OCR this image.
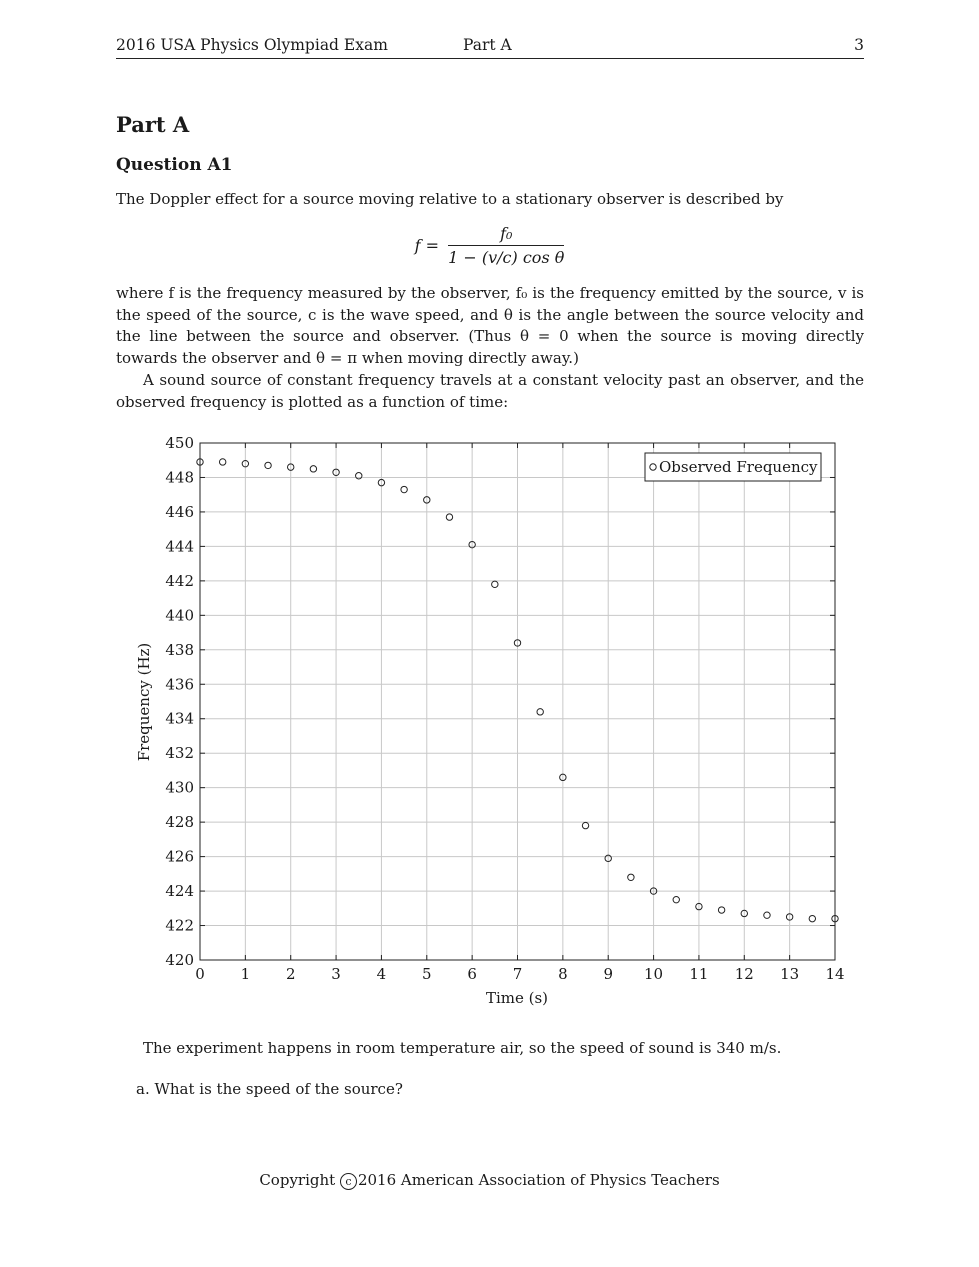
2016 USA Physics Olympiad Exam	Part A	3
Part A
Question A1
The Doppler effect for a source moving relative to a stationary observer is described by
$f = \frac{\text{f₀}}{\text{1 − (v/c) cos θ}}$
where f is the frequency measured by the observer, f₀ is the frequency emitted by the source, v is the speed of the source, c is the wave speed, and θ is the angle between the source velocity and the line between the source and observer. (Thus θ = 0 when the source is moving directly towards the observer and θ = π when moving directly away.)
A sound source of constant frequency travels at a constant velocity past an observer, and the observed frequency is plotted as a function of time:
0 1 2 3 4 5 6 7 8 9 10 11 12 13 14
420
422
424
426
428
430
432
434
436
438
440
442
444
446
448
450
Observed Frequency
Time (s)
Frequency (Hz)
The experiment happens in room temperature air, so the speed of sound is 340 m/s.
a. What is the speed of the source?
Copyright c 2016 American Association of Physics Teachers
